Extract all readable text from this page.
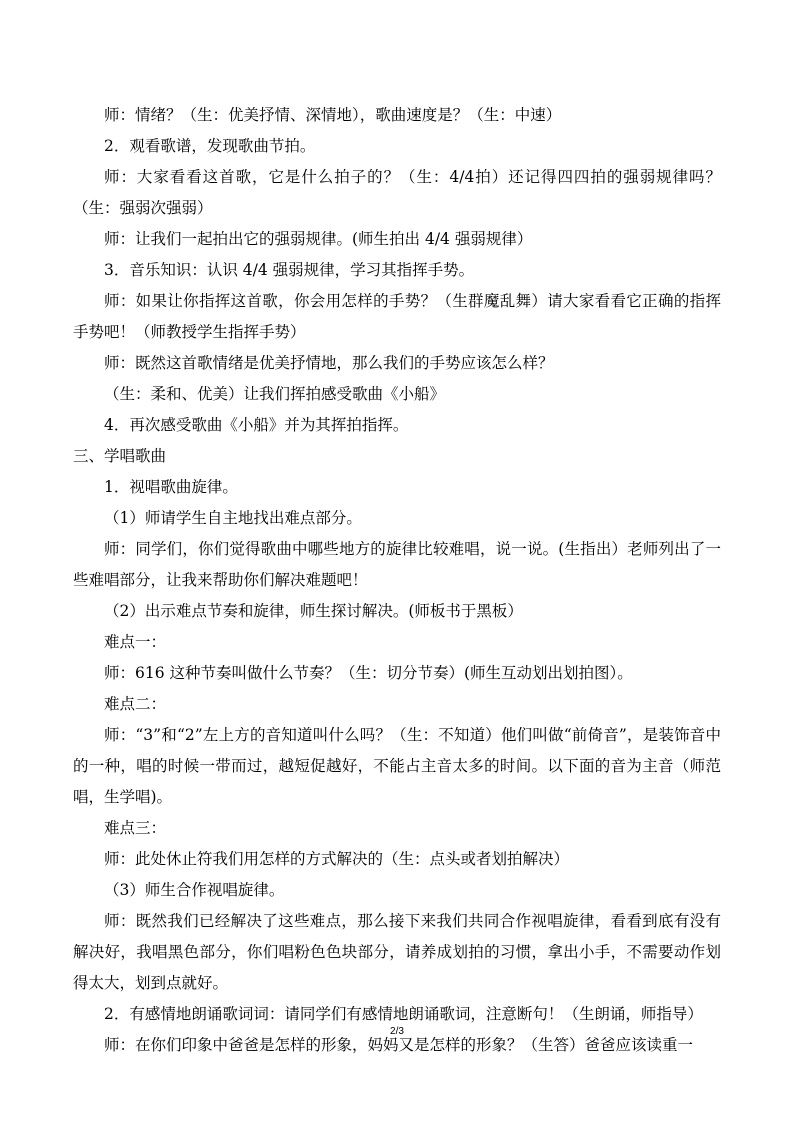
师：情绪？（生：优美抒情、深情地），歌曲速度是？（生：中速）

2．观看歌谱，发现歌曲节拍。

师：大家看看这首歌，它是什么拍子的？（生：4/4拍）还记得四四拍的强弱规律吗？（生：强弱次强弱）

师：让我们一起拍出它的强弱规律。(师生拍出 4/4 强弱规律）

3．音乐知识：认识 4/4 强弱规律，学习其指挥手势。

师：如果让你指挥这首歌，你会用怎样的手势？（生群魔乱舞）请大家看看它正确的指挥手势吧！（师教授学生指挥手势）

师：既然这首歌情绪是优美抒情地，那么我们的手势应该怎么样？

（生：柔和、优美）让我们挥拍感受歌曲《小船》

4．再次感受歌曲《小船》并为其挥拍指挥。

三、学唱歌曲

1．视唱歌曲旋律。

（1）师请学生自主地找出难点部分。

师：同学们，你们觉得歌曲中哪些地方的旋律比较难唱，说一说。(生指出）老师列出了一些难唱部分，让我来帮助你们解决难题吧！

（2）出示难点节奏和旋律，师生探讨解决。(师板书于黑板）

难点一：

师：616 这种节奏叫做什么节奏？（生：切分节奏）(师生互动划出划拍图）。

难点二：

师：“3”和“2”左上方的音知道叫什么吗？（生：不知道）他们叫做“前倚音”，是装饰音中的一种，唱的时候一带而过，越短促越好，不能占主音太多的时间。以下面的音为主音（师范唱，生学唱)。

难点三：

师：此处休止符我们用怎样的方式解决的（生：点头或者划拍解决）

（3）师生合作视唱旋律。

师：既然我们已经解决了这些难点，那么接下来我们共同合作视唱旋律，看看到底有没有解决好，我唱黑色部分，你们唱粉色色块部分，请养成划拍的习惯，拿出小手，不需要动作划得太大，划到点就好。

2．有感情地朗诵歌词词：请同学们有感情地朗诵歌词，注意断句！（生朗诵，师指导）

师：在你们印象中爸爸是怎样的形象，妈妈又是怎样的形象？（生答）爸爸应该读重一

2/3
